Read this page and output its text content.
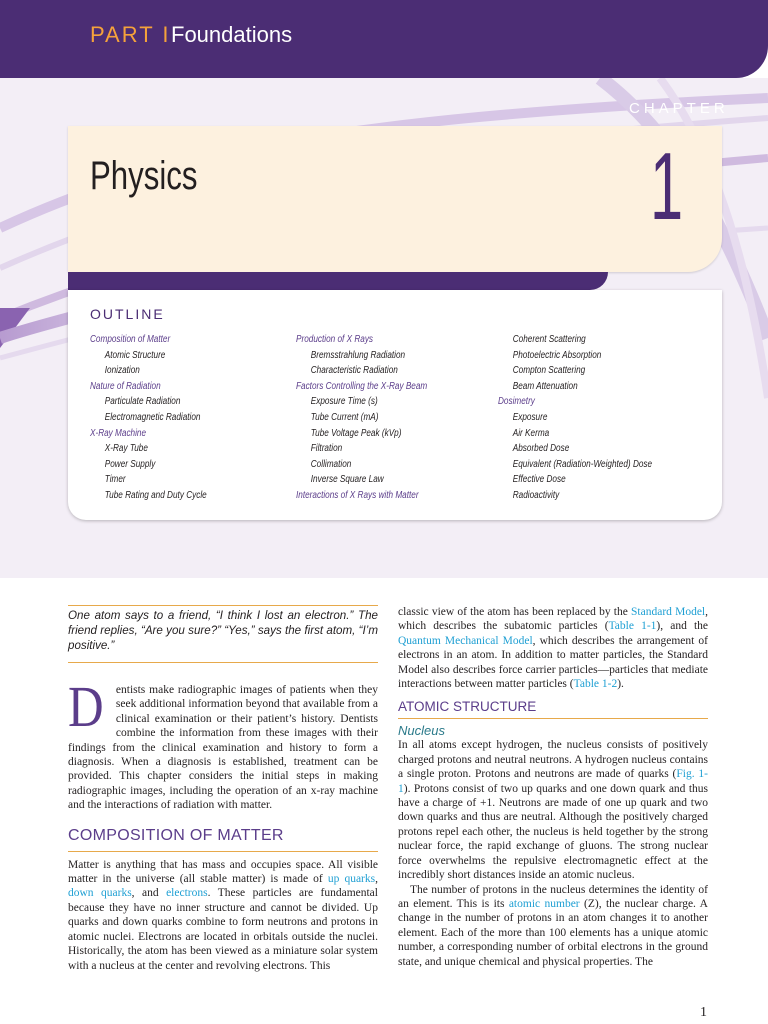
PART I Foundations
CHAPTER
Physics	1
OUTLINE
Composition of Matter
Atomic Structure
Ionization
Nature of Radiation
Particulate Radiation
Electromagnetic Radiation
X-Ray Machine
X-Ray Tube
Power Supply
Timer
Tube Rating and Duty Cycle
Production of X Rays
Bremsstrahlung Radiation
Characteristic Radiation
Factors Controlling the X-Ray Beam
Exposure Time (s)
Tube Current (mA)
Tube Voltage Peak (kVp)
Filtration
Collimation
Inverse Square Law
Interactions of X Rays with Matter
Coherent Scattering
Photoelectric Absorption
Compton Scattering
Beam Attenuation
Dosimetry
Exposure
Air Kerma
Absorbed Dose
Equivalent (Radiation-Weighted) Dose
Effective Dose
Radioactivity
One atom says to a friend, “I think I lost an electron.” The friend replies, “Are you sure?” “Yes,” says the first atom, “I’m positive.”

D entists make radiographic images of patients when they seek additional information beyond that available from a clinical examination or their patient’s history. Dentists combine the information from these images with their findings from the clinical examination and history to form a diagnosis. When a diagnosis is established, treatment can be provided. This chapter considers the initial steps in making radiographic images, including the operation of an x-ray machine and the interactions of radiation with matter.

COMPOSITION OF MATTER

Matter is anything that has mass and occupies space. All visible matter in the universe (all stable matter) is made of up quarks, down quarks, and electrons. These particles are fundamental because they have no inner structure and cannot be divided. Up quarks and down quarks combine to form neutrons and protons in atomic nuclei. Electrons are located in orbitals outside the nuclei. Historically, the atom has been viewed as a miniature solar system with a nucleus at the center and revolving electrons. This

classic view of the atom has been replaced by the Standard Model, which describes the subatomic particles (Table 1-1), and the Quantum Mechanical Model, which describes the arrangement of electrons in an atom. In addition to matter particles, the Standard Model also describes force carrier particles—particles that mediate interactions between matter particles (Table 1-2).

ATOMIC STRUCTURE
Nucleus

In all atoms except hydrogen, the nucleus consists of positively charged protons and neutral neutrons. A hydrogen nucleus contains a single proton. Protons and neutrons are made of quarks (Fig. 1-1). Protons consist of two up quarks and one down quark and thus have a charge of +1. Neutrons are made of one up quark and two down quarks and thus are neutral. Although the positively charged protons repel each other, the nucleus is held together by the strong nuclear force, the rapid exchange of gluons. The strong nuclear force overwhelms the repulsive electromagnetic effect at the incredibly short distances inside an atomic nucleus.

The number of protons in the nucleus determines the identity of an element. This is its atomic number (Z), the nuclear charge. A change in the number of protons in an atom changes it to another element. Each of the more than 100 elements has a unique atomic number, a corresponding number of orbital electrons in the ground state, and unique chemical and physical properties. The

1
